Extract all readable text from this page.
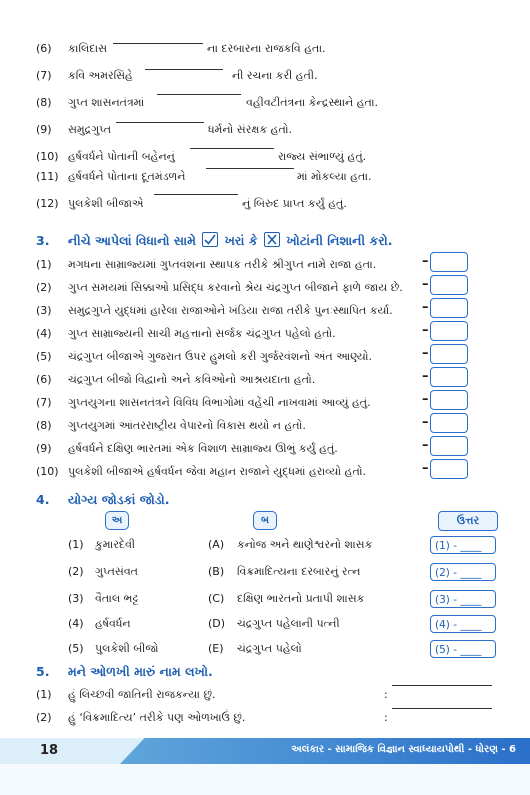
(6) કાલિદાસ	ના દરબારના રાજકવિ હતા.
(7) કવિ અમરસિંહે	ની રચના કરી હતી.
(8) ગુપ્ત શાસનતંત્રમાં	વહીવટીતંત્રના કેન્દ્રસ્થાને હતા.
(9) સમુદ્રગુપ્ત	ધર્મનો સંરક્ષક હતો.
(10) હર્ષવર્ધને પોતાની બહેનનું	રાજ્ય સંભાળ્યું હતું.
(11) હર્ષવર્ધને પોતાના દૂતમંડળને	માં મોકલ્યા હતા.
(12) પુલકેશી બીજાએ	નું બિરુદ પ્રાપ્ત કર્યું હતું.
3. નીચે આપેલાં વિધાનો સામે ખરાં કે ☒ ખોટાંની નિશાની કરો.
(1) મગધના સામ્રાજ્યમાં ગુપ્તવંશના સ્થાપક તરીકે શ્રીગુપ્ત નામે રાજા હતા.	–
(2) ગુપ્ત સમયમાં સિક્કાઓ પ્રસિદ્ધ કરવાનો શ્રેય ચંદ્રગુપ્ત બીજાને ફાળે જાય છે. –
(3) સમુદ્રગુપ્તે યુદ્ધમાં હારેલા રાજાઓને ખંડિયા રાજા તરીકે પુનઃસ્થાપિત કર્યા. –
(4) ગુપ્ત સામ્રાજ્યની સાચી મહત્તાનો સર્જક ચંદ્રગુપ્ત પહેલો હતો.	–
(5) ચંદ્રગુપ્ત બીજાએ ગુજરાત ઉપર હુમલો કરી ગુર્જરવંશનો અંત આણ્યો.	–
(6) ચંદ્રગુપ્ત બીજો વિદ્વાનો અને કવિઓનો આશ્રયદાતા હતો.	–
(7) ગુપ્તયુગના શાસનતંત્રને વિવિધ વિભાગોમાં વહેંચી નાખવામાં આવ્યું હતું.	–
(8) ગુપ્તયુગમાં આંતરરાષ્ટ્રીય વેપારનો વિકાસ થયો ન હતો.	–
(9) હર્ષવર્ધને દક્ષિણ ભારતમાં એક વિશાળ સામ્રાજ્ય ઊભું કર્યું હતું.	–
(10) પુલકેશી બીજાએ હર્ષવર્ધન જેવા મહાન રાજાને યુદ્ધમાં હરાવ્યો હતો.	–
4. યોગ્ય જોડકાં જોડો.
અ	બ	ઉત્તર
(1) કુમારદેવી	(A) કનોજ અને થાણેશ્વરનો શાસક	(1) - ____
(2) ગુપ્તસંવત	(B) વિક્રમાદિત્યના દરબારનું રત્ન	(2) - ____
(3) વૈતાલ ભટ્ટ	(C) દક્ષિણ ભારતનો પ્રતાપી શાસક	(3) - ____
(4) હર્ષવર્ધન	(D) ચંદ્રગુપ્ત પહેલાની પત્ની	(4) - ____
(5) પુલકેશી બીજો	(E) ચંદ્રગુપ્ત પહેલો	(5) - ____
5. મને ઓળખી મારું નામ લખો.
(1) હું લિચ્છવી જાતિની રાજકન્યા છું.	:
(2) હું ‘વિક્રમાદિત્ય’ તરીકે પણ ઓળખાઉં છું.	:
18	અલંકાર - સામાજિક વિજ્ઞાન સ્વાધ્યાયપોથી - ધોરણ - 6
